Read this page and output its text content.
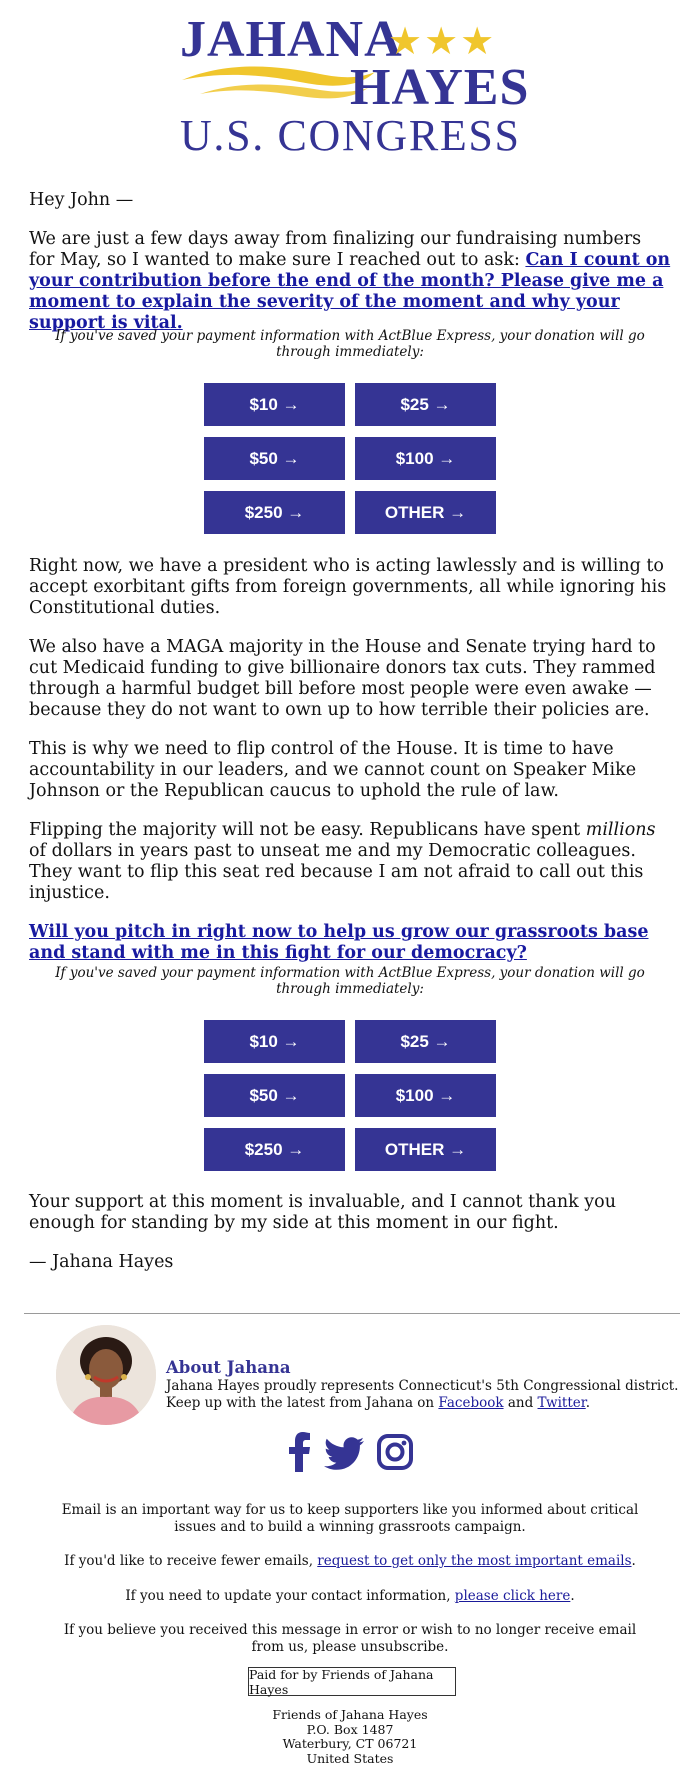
JAHANA
★★★
HAYES
U.S. CONGRESS
Hey John —
We are just a few days away from finalizing our fundraising numbers for May, so I wanted to make sure I reached out to ask: Can I count on your contribution before the end of the month? Please give me a moment to explain the severity of the moment and why your support is vital.
If you've saved your payment information with ActBlue Express, your donation will go through immediately:
$10 →	$25 →
$50 →	$100 →
$250 →	OTHER →
Right now, we have a president who is acting lawlessly and is willing to accept exorbitant gifts from foreign governments, all while ignoring his Constitutional duties.
We also have a MAGA majority in the House and Senate trying hard to cut Medicaid funding to give billionaire donors tax cuts. They rammed through a harmful budget bill before most people were even awake — because they do not want to own up to how terrible their policies are.
This is why we need to flip control of the House. It is time to have accountability in our leaders, and we cannot count on Speaker Mike Johnson or the Republican caucus to uphold the rule of law.
Flipping the majority will not be easy. Republicans have spent millions of dollars in years past to unseat me and my Democratic colleagues. They want to flip this seat red because I am not afraid to call out this injustice.
Will you pitch in right now to help us grow our grassroots base and stand with me in this fight for our democracy?
If you've saved your payment information with ActBlue Express, your donation will go through immediately:
$10 →	$25 →
$50 →	$100 →
$250 →	OTHER →
Your support at this moment is invaluable, and I cannot thank you enough for standing by my side at this moment in our fight.
— Jahana Hayes
About Jahana
Jahana Hayes proudly represents Connecticut's 5th Congressional district.
Keep up with the latest from Jahana on Facebook and Twitter.
Email is an important way for us to keep supporters like you informed about critical issues and to build a winning grassroots campaign.
If you'd like to receive fewer emails, request to get only the most important emails.
If you need to update your contact information, please click here.
If you believe you received this message in error or wish to no longer receive email from us, please unsubscribe.
Paid for by Friends of Jahana Hayes
Friends of Jahana Hayes
P.O. Box 1487
Waterbury, CT 06721
United States
